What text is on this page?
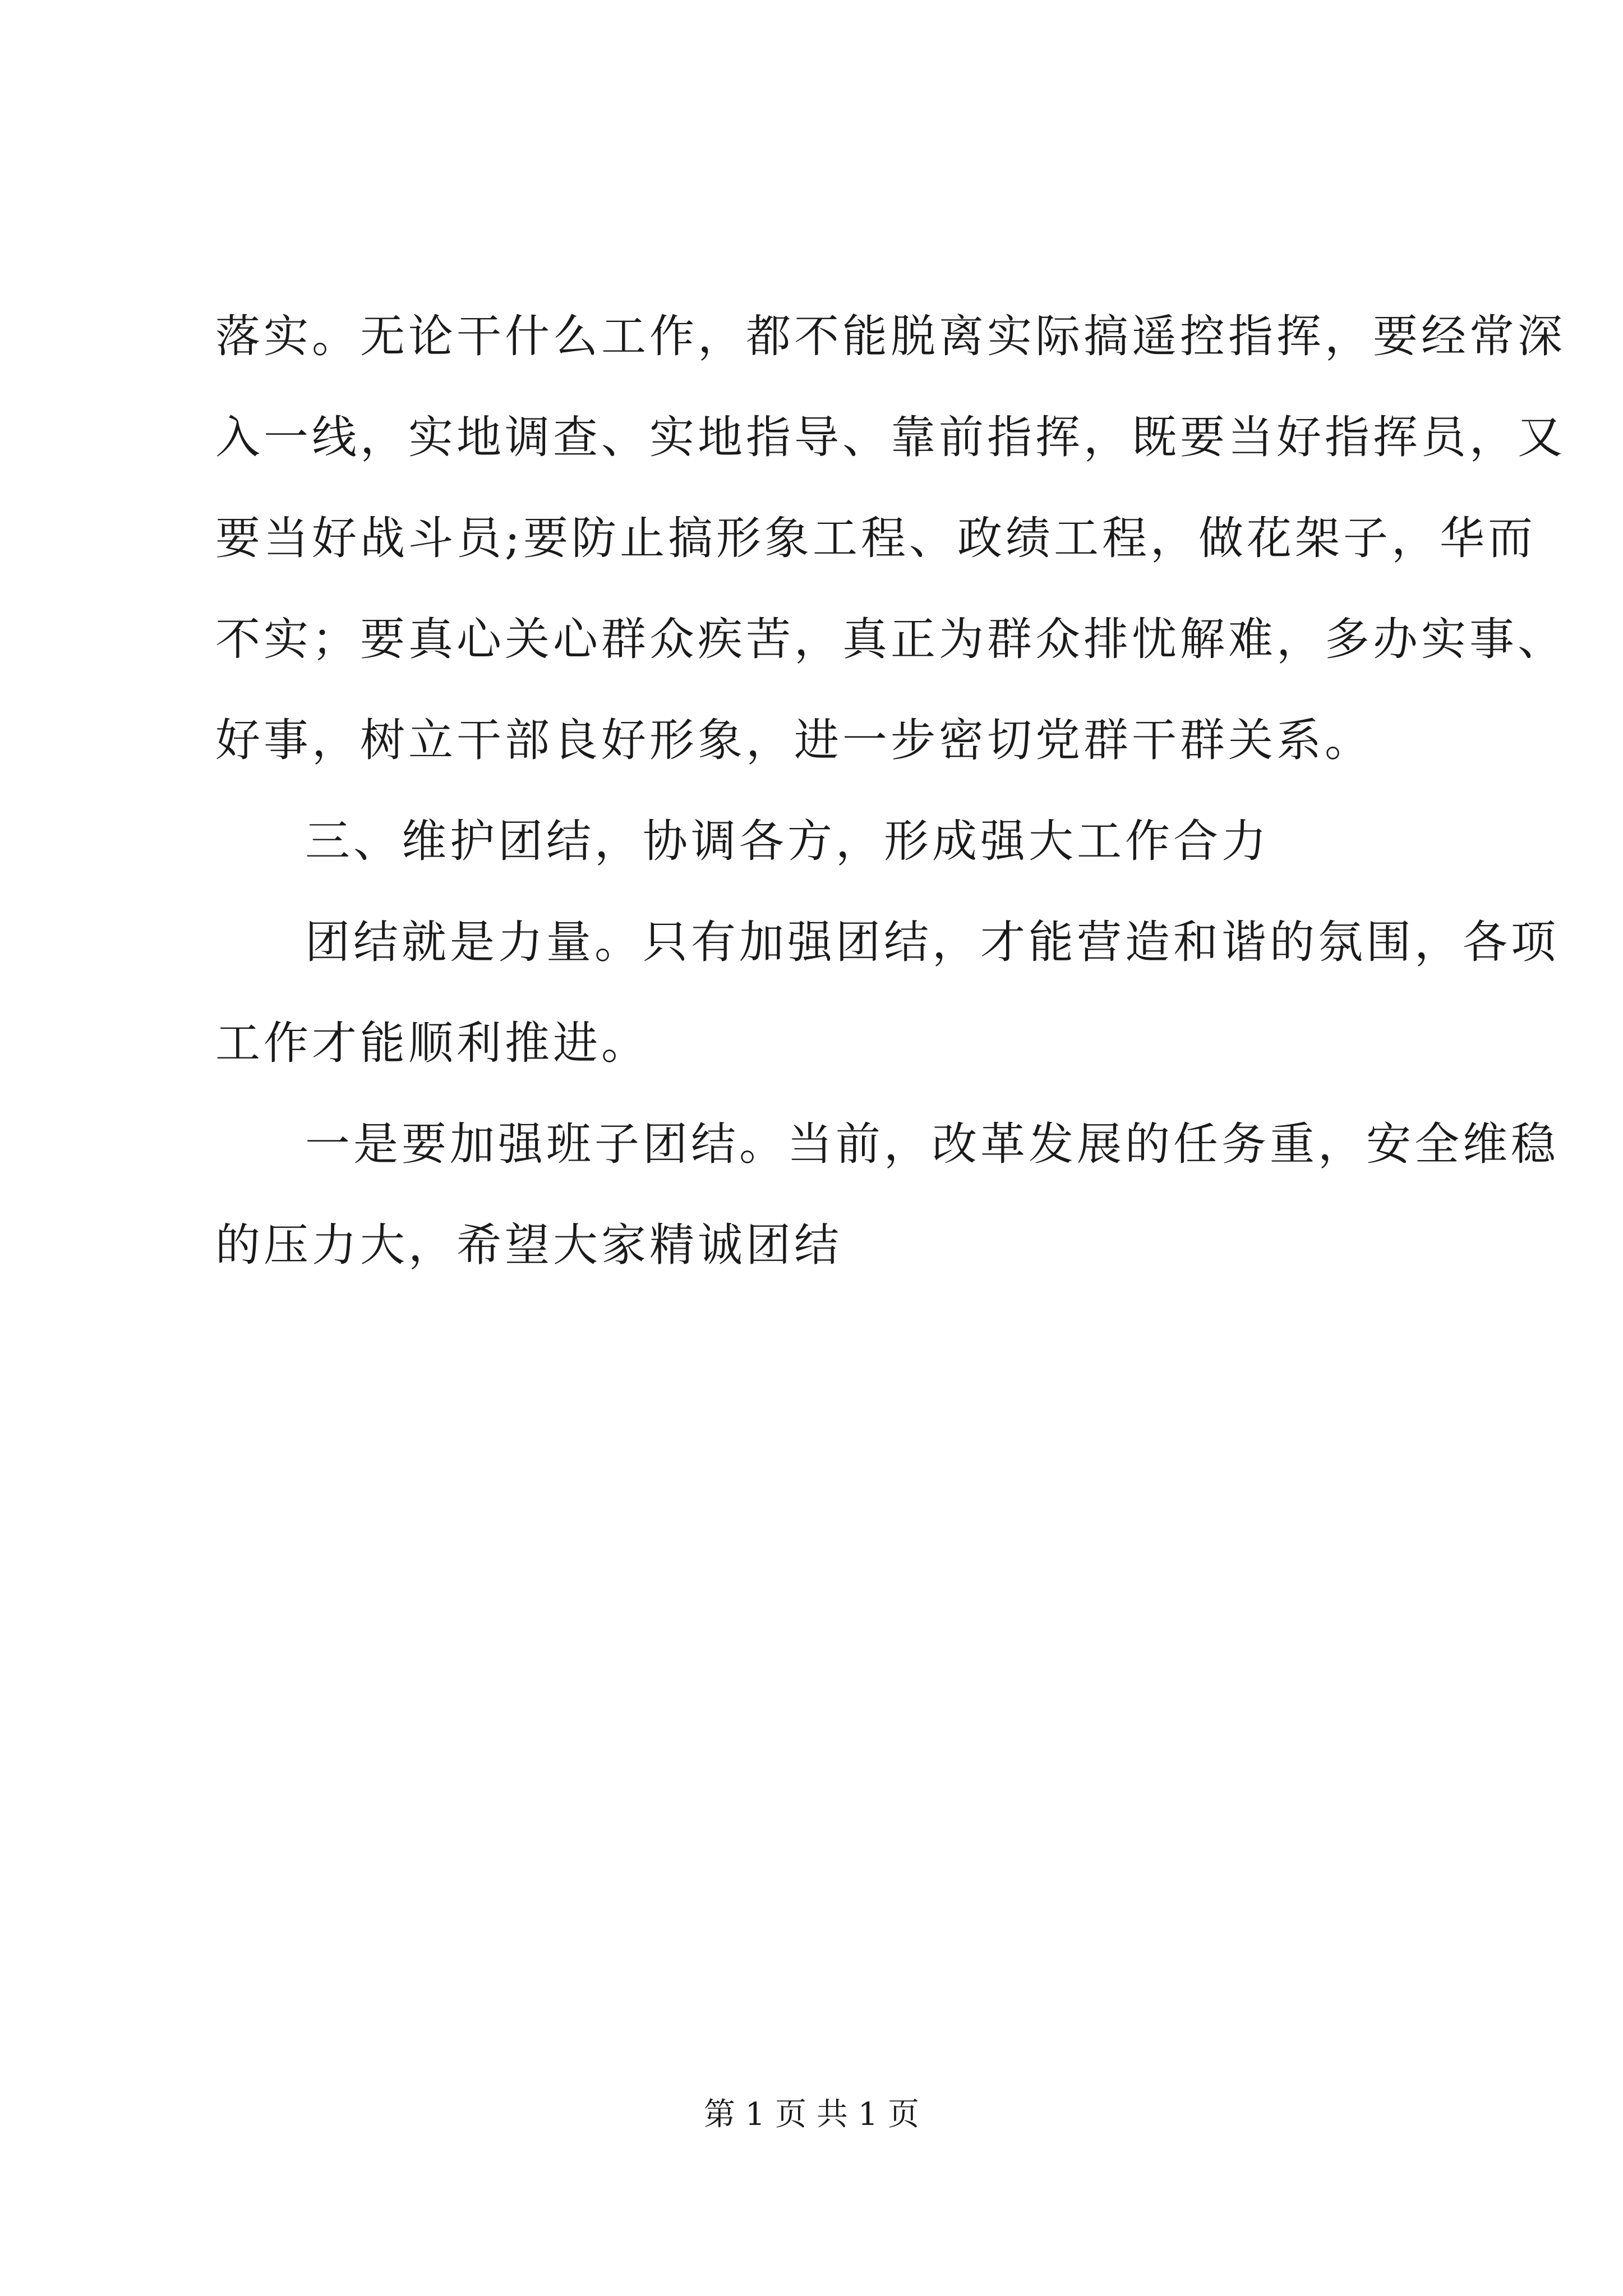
落实。无论干什么工作，都不能脱离实际搞遥控指挥，要经常深
入一线，实地调查、实地指导、靠前指挥，既要当好指挥员，又
要当好战斗员;要防止搞形象工程、政绩工程，做花架子，华而
不实；要真心关心群众疾苦，真正为群众排忧解难，多办实事、
好事，树立干部良好形象，进一步密切党群干群关系。
三、维护团结，协调各方，形成强大工作合力
团结就是力量。只有加强团结，才能营造和谐的氛围，各项
工作才能顺利推进。
一是要加强班子团结。当前，改革发展的任务重，安全维稳
的压力大，希望大家精诚团结
第 1 页 共 1 页
